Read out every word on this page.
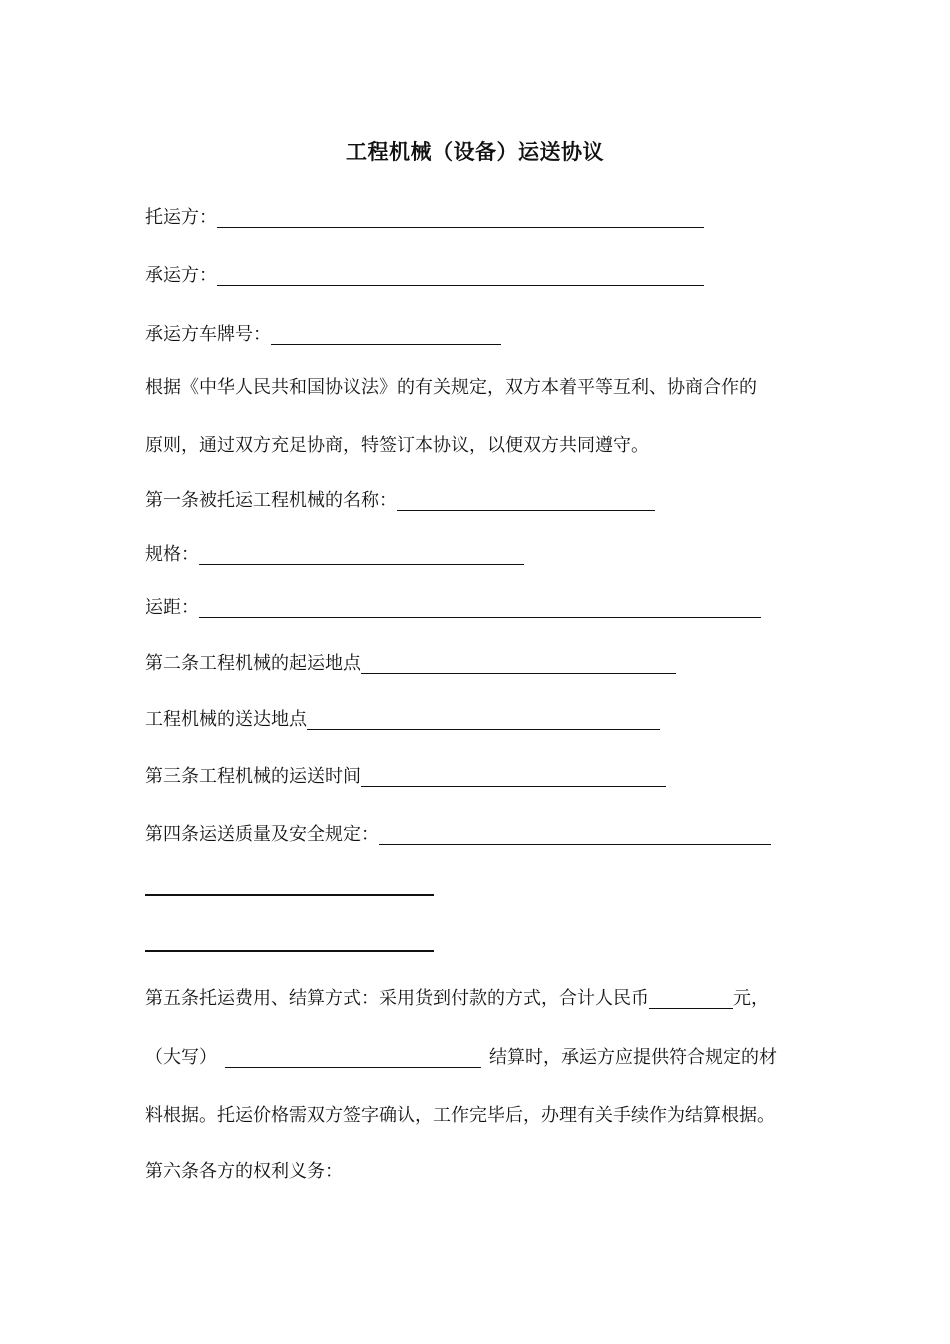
工程机械（设备）运送协议
托运方：
承运方：
承运方车牌号：
根据《中华人民共和国协议法》的有关规定，双方本着平等互利、协商合作的
原则，通过双方充足协商，特签订本协议，以便双方共同遵守。
第一条被托运工程机械的名称：
规格：
运距：
第二条工程机械的起运地点
工程机械的送达地点
第三条工程机械的运送时间
第四条运送质量及安全规定：
第五条托运费用、结算方式：采用货到付款的方式，合计人民币	元，
（大写）	结算时，承运方应提供符合规定的材
料根据。托运价格需双方签字确认，工作完毕后，办理有关手续作为结算根据。
第六条各方的权利义务：
